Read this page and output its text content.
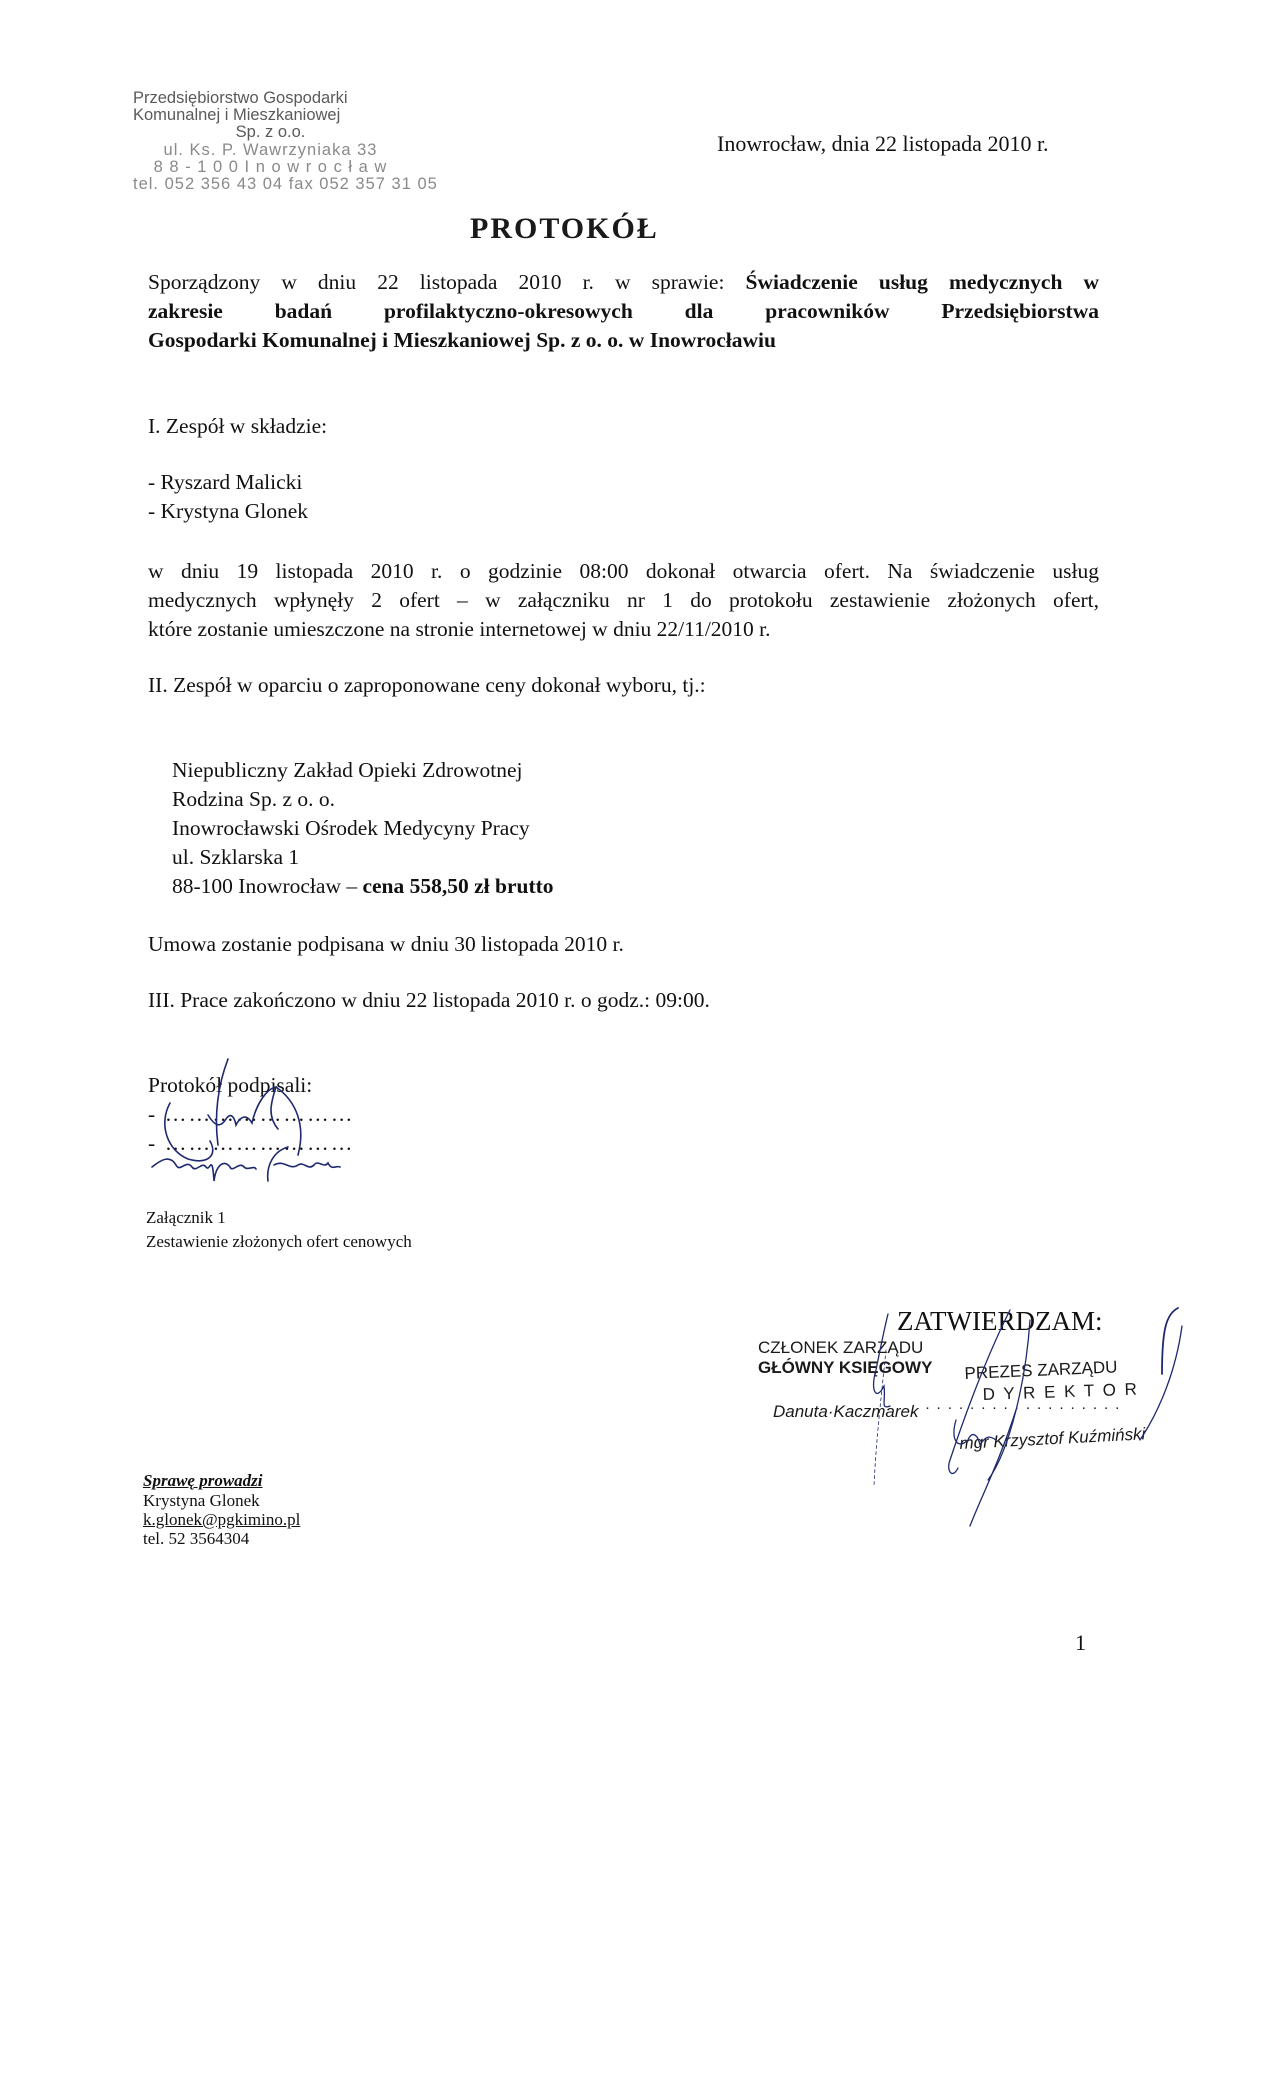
Przedsiębiorstwo Gospodarki
Komunalnej i Mieszkaniowej
Sp. z o.o.
ul. Ks. P. Wawrzyniaka 33
8 8 - 1 0 0 I n o w r o c ł a w
tel. 052 356 43 04 fax 052 357 31 05
Inowrocław, dnia 22 listopada 2010 r.
PROTOKÓŁ
Sporządzony w dniu 22 listopada 2010 r. w sprawie: Świadczenie usług medycznych w
zakresie badań profilaktyczno-okresowych dla pracowników Przedsiębiorstwa
Gospodarki Komunalnej i Mieszkaniowej Sp. z o. o. w Inowrocławiu
I. Zespół w składzie:
- Ryszard Malicki
- Krystyna Glonek
w dniu 19 listopada 2010 r. o godzinie 08:00 dokonał otwarcia ofert. Na świadczenie usług
medycznych wpłynęły 2 ofert – w załączniku nr 1 do protokołu zestawienie złożonych ofert,
które zostanie umieszczone na stronie internetowej w dniu 22/11/2010 r.
II. Zespół w oparciu o zaproponowane ceny dokonał wyboru, tj.:
Niepubliczny Zakład Opieki Zdrowotnej
Rodzina Sp. z o. o.
Inowrocławski Ośrodek Medycyny Pracy
ul. Szklarska 1
88-100 Inowrocław – cena 558,50 zł brutto
Umowa zostanie podpisana w dniu 30 listopada 2010 r.
III. Prace zakończono w dniu 22 listopada 2010 r. o godz.: 09:00.
Protokół podpisali:
- ……………………
- ……………………
Załącznik 1
Zestawienie złożonych ofert cenowych
ZATWIERDZAM:
CZŁONEK ZARZĄDU
GŁÓWNY KSIĘGOWY
Danuta·Kaczmarek · · · · · · · · · · · · · · · · · ·
PREZES ZARZĄDU
D Y R E K T O R
mgr Krzysztof Kuźmiński
Sprawę prowadzi
Krystyna Glonek
k.glonek@pgkimino.pl
tel. 52 3564304
1
